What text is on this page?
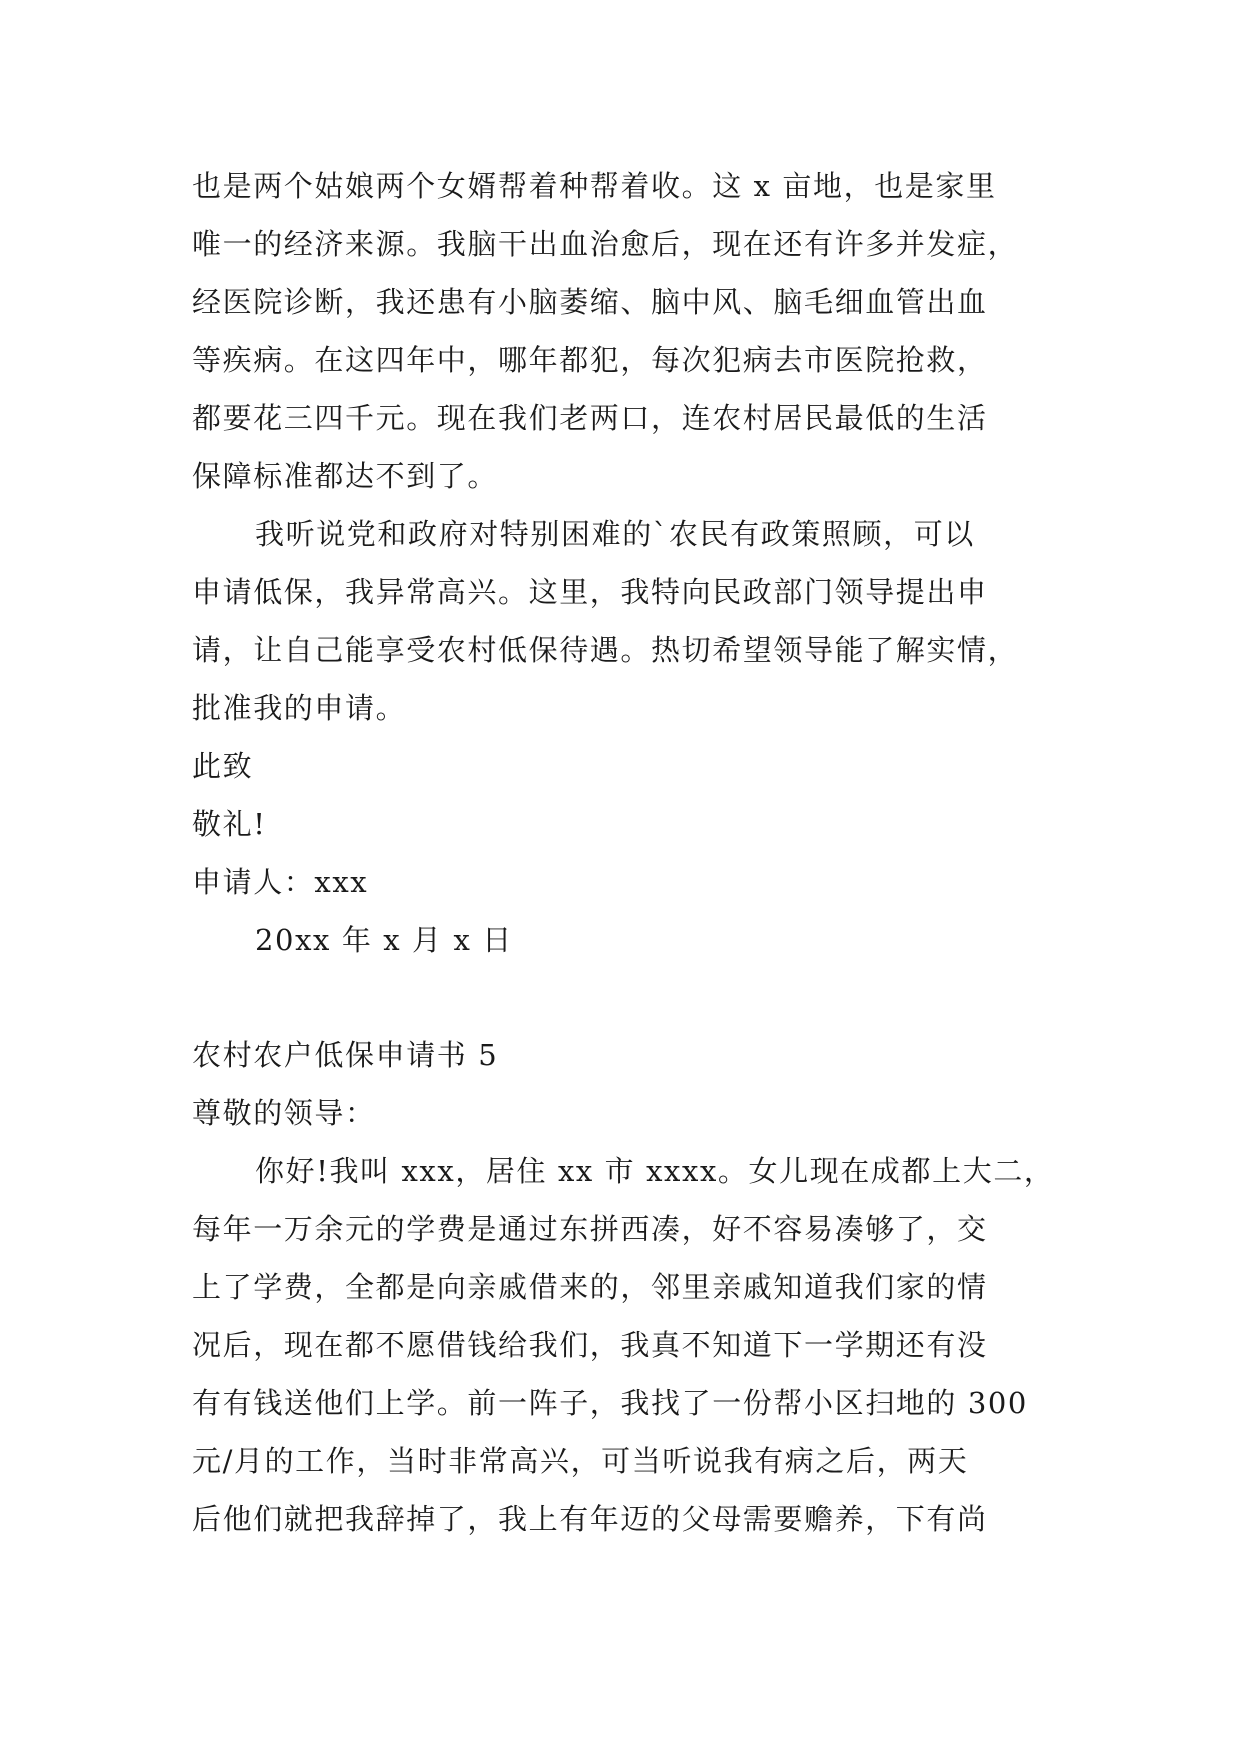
也是两个姑娘两个女婿帮着种帮着收。这 x 亩地，也是家里
唯一的经济来源。我脑干出血治愈后，现在还有许多并发症，
经医院诊断，我还患有小脑萎缩、脑中风、脑毛细血管出血
等疾病。在这四年中，哪年都犯，每次犯病去市医院抢救，
都要花三四千元。现在我们老两口，连农村居民最低的生活
保障标准都达不到了。
我听说党和政府对特别困难的`农民有政策照顾，可以
申请低保，我异常高兴。这里，我特向民政部门领导提出申
请，让自己能享受农村低保待遇。热切希望领导能了解实情，
批准我的申请。
此致
敬礼!
申请人：xxx
20xx 年 x 月 x 日
农村农户低保申请书 5
尊敬的领导：
你好!我叫 xxx，居住 xx 市 xxxx。女儿现在成都上大二，
每年一万余元的学费是通过东拼西凑，好不容易凑够了，交
上了学费，全都是向亲戚借来的，邻里亲戚知道我们家的情
况后，现在都不愿借钱给我们，我真不知道下一学期还有没
有有钱送他们上学。前一阵子，我找了一份帮小区扫地的 300
元/月的工作，当时非常高兴，可当听说我有病之后，两天
后他们就把我辞掉了，我上有年迈的父母需要赡养，下有尚
